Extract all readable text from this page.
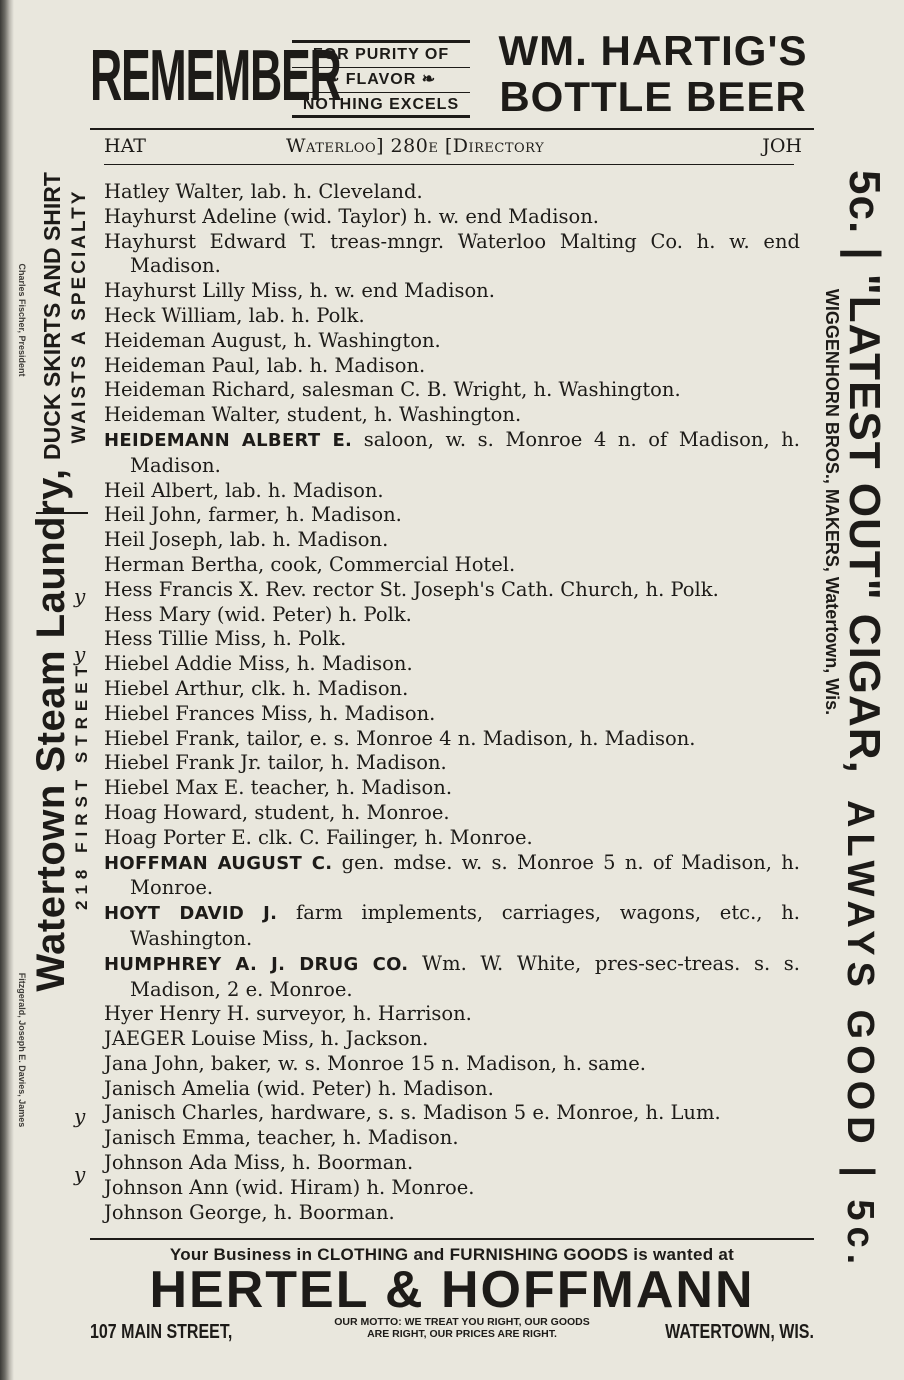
REMEMBER
FOR PURITY OF
❧ FLAVOR ❧
NOTHING EXCELS
WM. HARTIG'S
BOTTLE BEER
HAT	Waterloo] 280e [Directory	JOH
Hatley Walter, lab. h. Cleveland.
Hayhurst Adeline (wid. Taylor) h. w. end Madison.
Hayhurst Edward T. treas-mngr. Waterloo Malting Co. h. w. end Madison.
Hayhurst Lilly Miss, h. w. end Madison.
Heck William, lab. h. Polk.
Heideman August, h. Washington.
Heideman Paul, lab. h. Madison.
Heideman Richard, salesman C. B. Wright, h. Washington.
Heideman Walter, student, h. Washington.
HEIDEMANN ALBERT E. saloon, w. s. Monroe 4 n. of Madison, h. Madison.
Heil Albert, lab. h. Madison.
Heil John, farmer, h. Madison.
Heil Joseph, lab. h. Madison.
Herman Bertha, cook, Commercial Hotel.
Hess Francis X. Rev. rector St. Joseph's Cath. Church, h. Polk.
Hess Mary (wid. Peter) h. Polk.
Hess Tillie Miss, h. Polk.
Hiebel Addie Miss, h. Madison.
Hiebel Arthur, clk. h. Madison.
Hiebel Frances Miss, h. Madison.
Hiebel Frank, tailor, e. s. Monroe 4 n. Madison, h. Madison.
Hiebel Frank Jr. tailor, h. Madison.
Hiebel Max E. teacher, h. Madison.
Hoag Howard, student, h. Monroe.
Hoag Porter E. clk. C. Failinger, h. Monroe.
HOFFMAN AUGUST C. gen. mdse. w. s. Monroe 5 n. of Madison, h. Monroe.
HOYT DAVID J. farm implements, carriages, wagons, etc., h. Washington.
HUMPHREY A. J. DRUG CO. Wm. W. White, pres-sec-treas. s. s. Madison, 2 e. Monroe.
Hyer Henry H. surveyor, h. Harrison.
JAEGER Louise Miss, h. Jackson.
Jana John, baker, w. s. Monroe 15 n. Madison, h. same.
Janisch Amelia (wid. Peter) h. Madison.
Janisch Charles, hardware, s. s. Madison 5 e. Monroe, h. Lum.
Janisch Emma, teacher, h. Madison.
Johnson Ada Miss, h. Boorman.
Johnson Ann (wid. Hiram) h. Monroe.
Johnson George, h. Boorman.
Charles Fischer, President DUCK SKIRTS AND SHIRT WAISTS A SPECIALTY
Watertown Steam Laundry, 218 FIRST STREET
Fitzgerald, Joseph E. Davies, James
y
y
y
y
5c. | "LATEST OUT" CIGAR,
WIGGENHORN BROS., MAKERS, Watertown, Wis.
ALWAYS GOOD | 5c.
Your Business in CLOTHING and FURNISHING GOODS is wanted at
HERTEL & HOFFMANN
107 MAIN STREET,	OUR MOTTO: WE TREAT YOU RIGHT, OUR GOODS
ARE RIGHT, OUR PRICES ARE RIGHT.	WATERTOWN, WIS.
